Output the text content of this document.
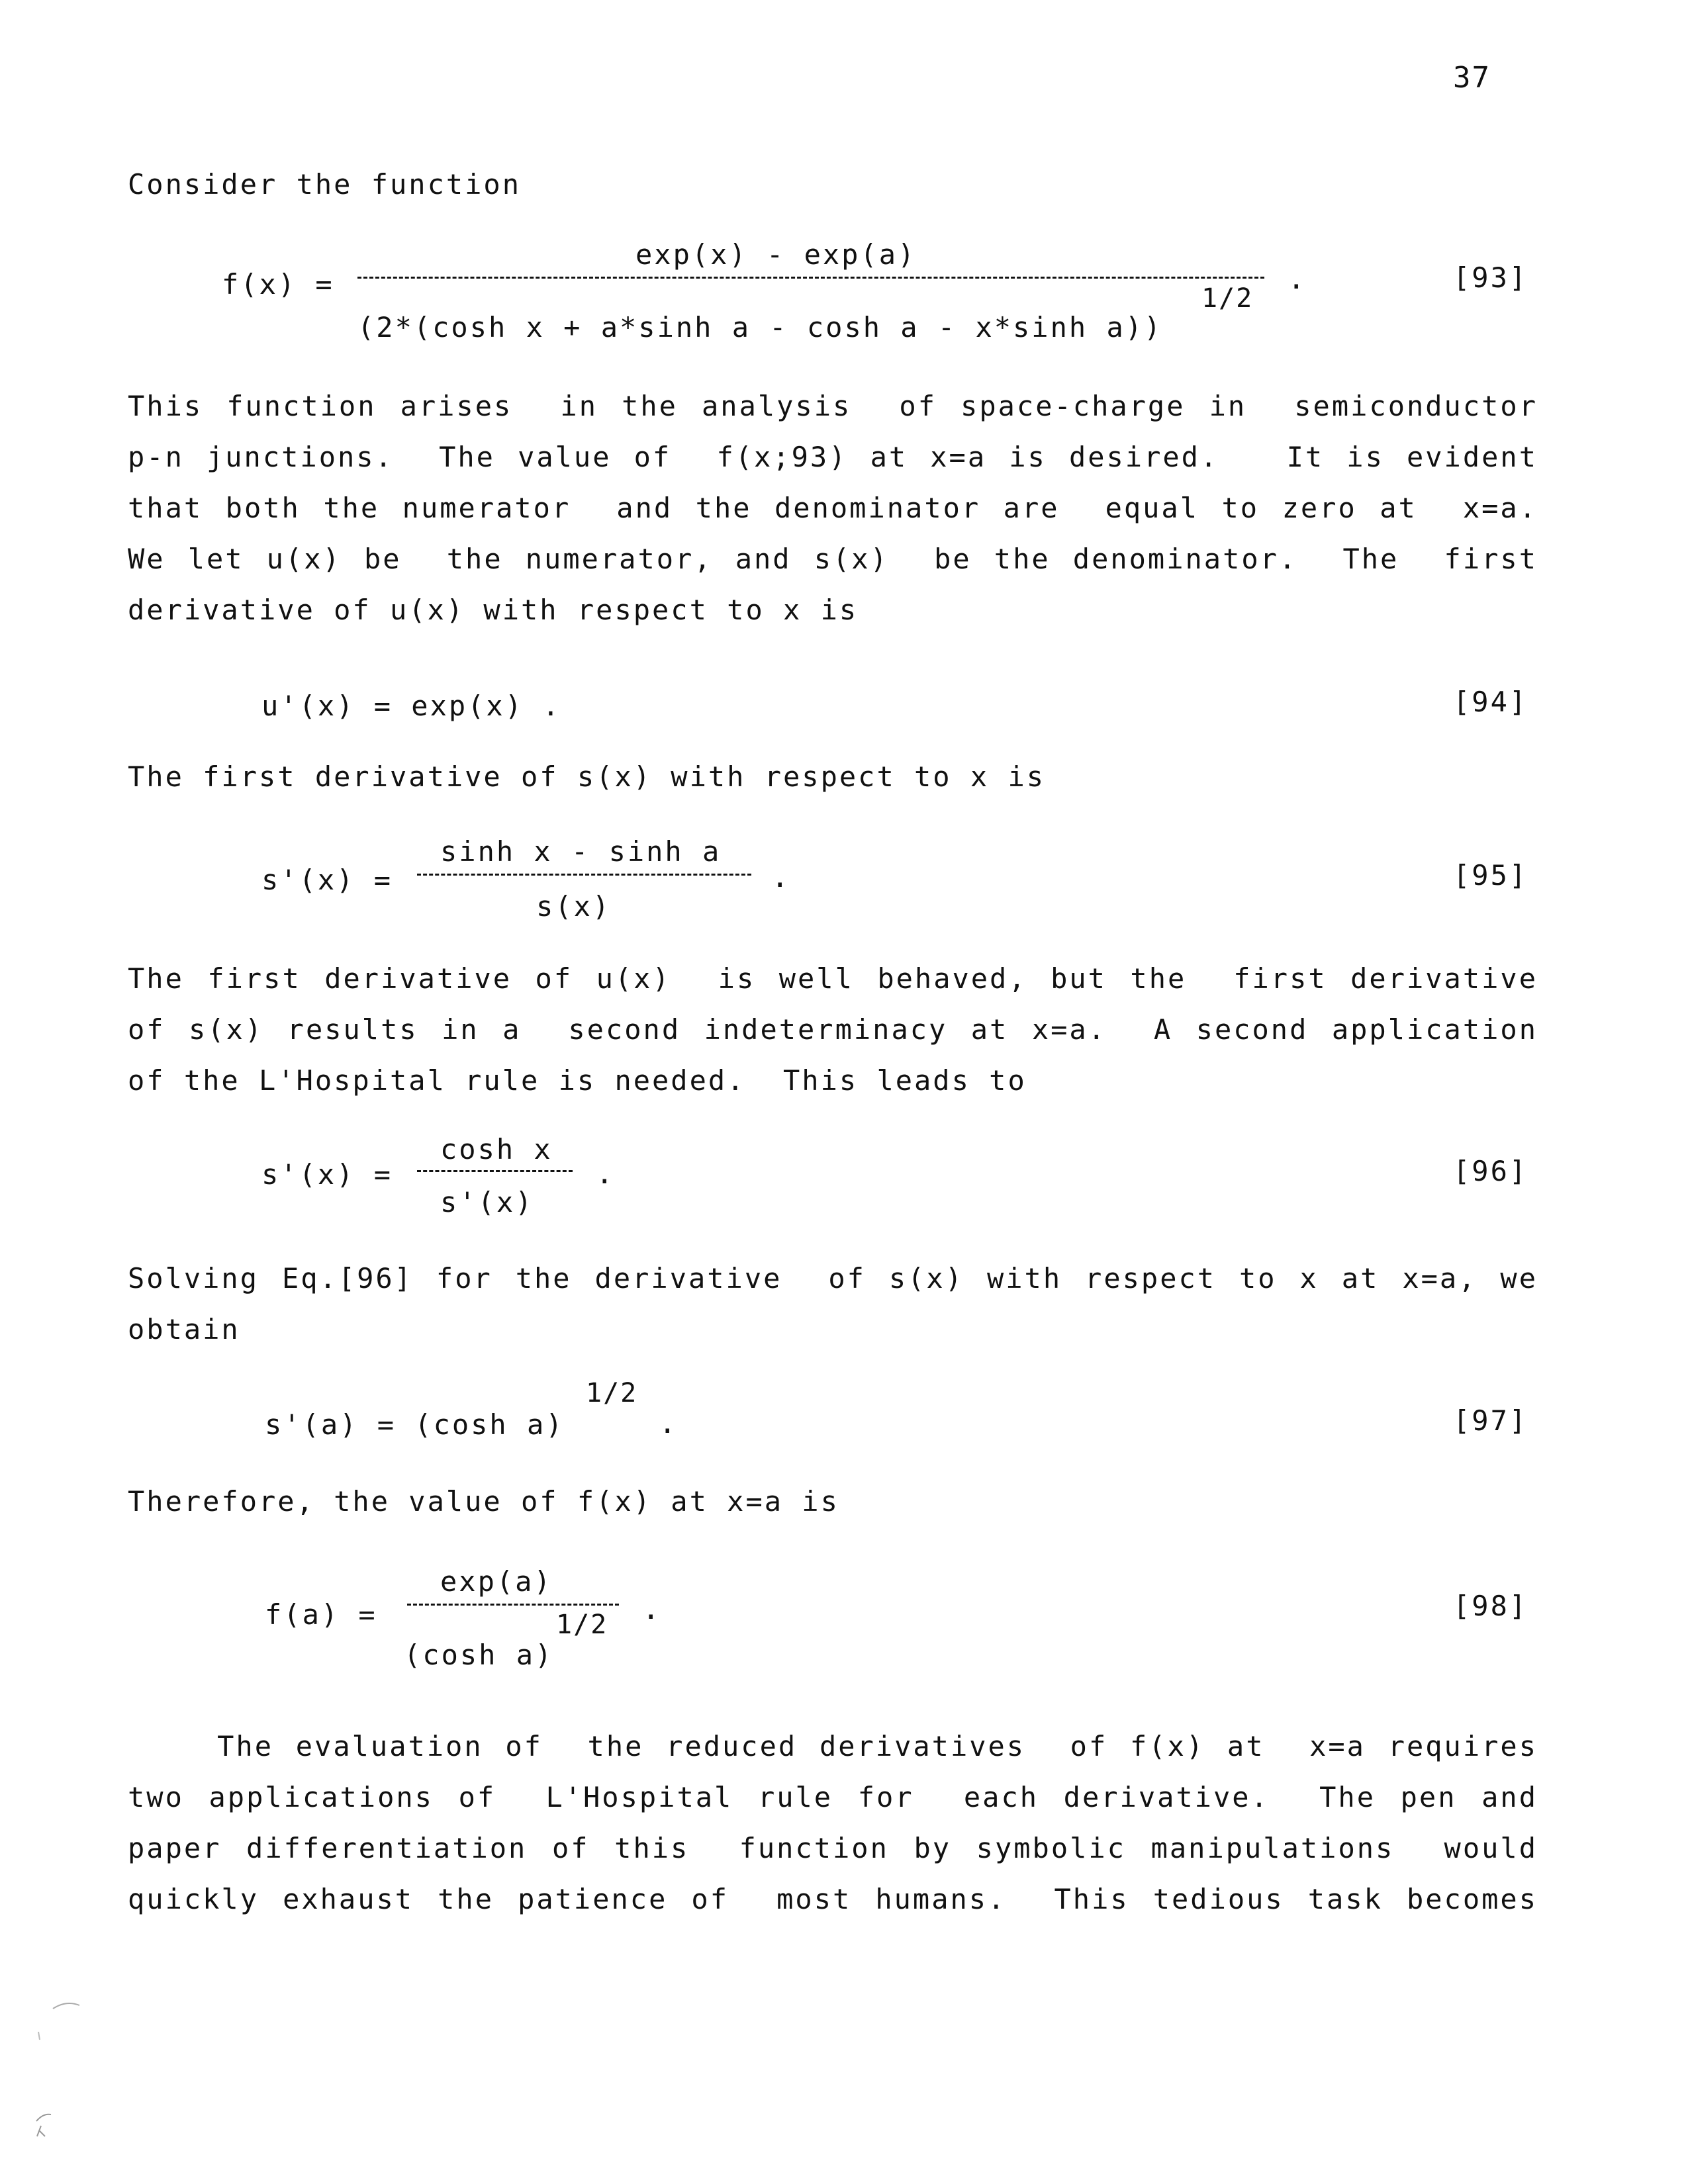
37
Consider the function
f(x) =
exp(x) - exp(a)
(2*(cosh x + a*sinh a - cosh a - x*sinh a))
1/2
.	[93]
This function arises  in the analysis  of space-charge in  semiconductor
p-n junctions.  The value of  f(x;93) at x=a is desired.   It is evident
that both the numerator  and the denominator are  equal to zero at  x=a.
We let u(x) be  the numerator, and s(x)  be the denominator.  The  first
derivative of u(x) with respect to x is
u'(x) = exp(x) .	[94]
The first derivative of s(x) with respect to x is
s'(x) =
sinh x - sinh a
s(x)
.	[95]
The first derivative of u(x)  is well behaved, but the  first derivative
of s(x) results in a  second indeterminacy at x=a.  A second application
of the L'Hospital rule is needed.  This leads to
s'(x) =
cosh x
s'(x)
.	[96]
Solving Eq.[96] for the derivative  of s(x) with respect to x at x=a, we
obtain
s'(a) = (cosh a)
1/2
.	[97]
Therefore, the value of f(x) at x=a is
f(a) =
exp(a)
(cosh a)
1/2 .	[98]
The evaluation of  the reduced derivatives  of f(x) at  x=a requires
two applications of  L'Hospital rule for  each derivative.  The pen and
paper differentiation of this  function by symbolic manipulations  would
quickly exhaust the patience of  most humans.  This tedious task becomes
